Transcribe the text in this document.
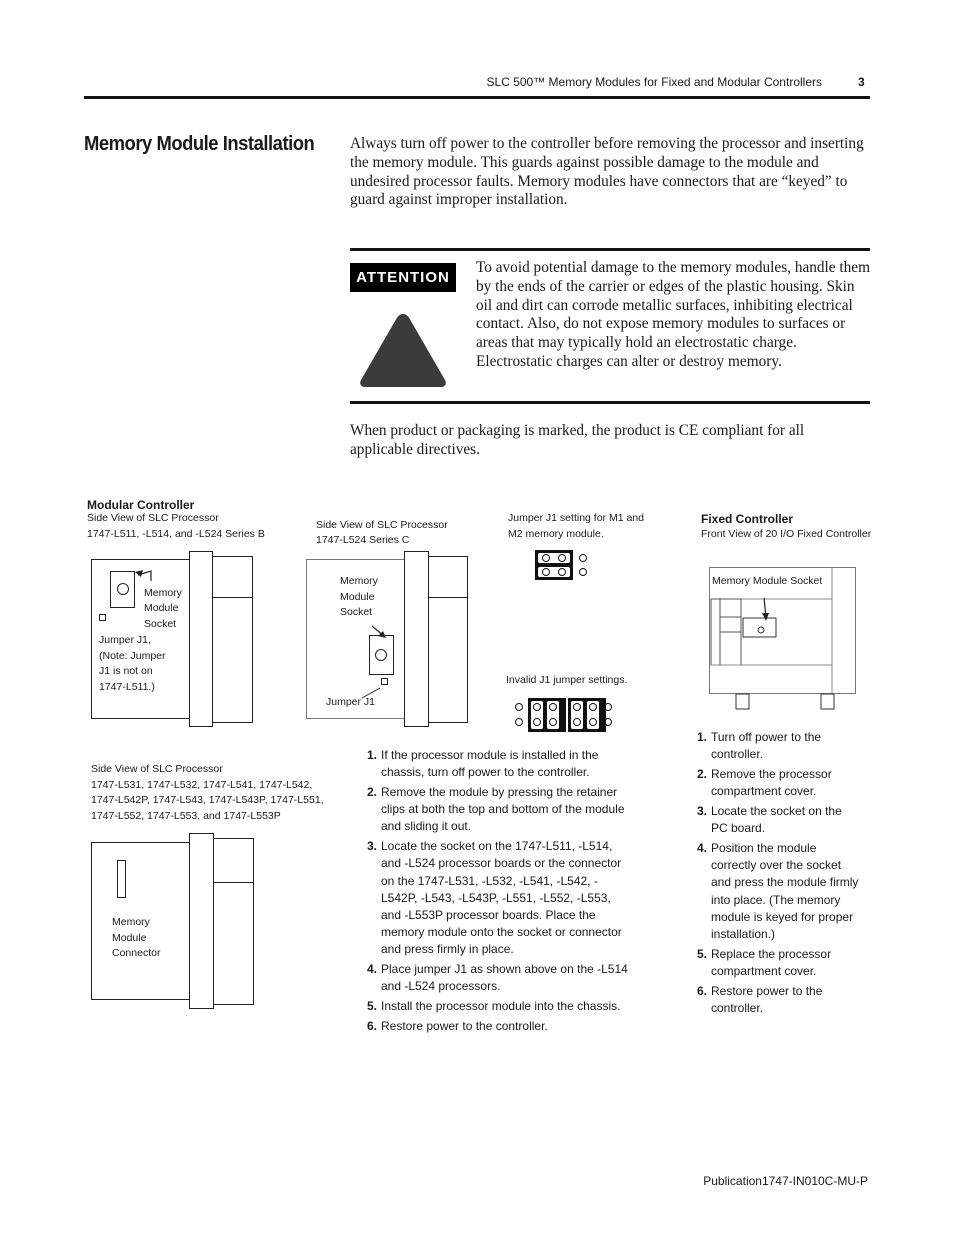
SLC 500™ Memory Modules for Fixed and Modular Controllers	3
Memory Module Installation Always turn off power to the controller before removing the processor and inserting the memory module. This guards against possible damage to the module and undesired processor faults. Memory modules have connectors that are “keyed” to guard against improper installation.
ATTENTION
To avoid potential damage to the memory modules, handle them by the ends of the carrier or edges of the plastic housing. Skin oil and dirt can corrode metallic surfaces, inhibiting electrical contact. Also, do not expose memory modules to surfaces or areas that may typically hold an electrostatic charge. Electrostatic charges can alter or destroy memory.
When product or packaging is marked, the product is CE compliant for all applicable directives.
Modular Controller
Side View of SLC Processor
1747-L511, -L514, and -L524 Series B
Memory
Module
Socket
Jumper J1,
(Note: Jumper
J1 is not on
1747-L511.)
Side View of SLC Processor
1747-L524 Series C
Memory
Module
Socket
Jumper J1
Jumper J1 setting for M1 and
M2 memory module.
Invalid J1 jumper settings.
Fixed Controller
Front View of 20 I/O Fixed Controller
Memory Module Socket
Side View of SLC Processor
1747-L531, 1747-L532, 1747-L541, 1747-L542,
1747-L542P, 1747-L543, 1747-L543P, 1747-L551,
1747-L552, 1747-L553, and 1747-L553P
Memory
Module
Connector
1. If the processor module is installed in the chassis, turn off power to the controller.
2. Remove the module by pressing the retainer clips at both the top and bottom of the module and sliding it out.
3. Locate the socket on the 1747-L511, -L514, and -L524 processor boards or the connector on the 1747-L531, -L532, -L541, -L542, -L542P, -L543, -L543P, -L551, -L552, -L553, and -L553P processor boards. Place the memory module onto the socket or connector and press firmly in place.
4. Place jumper J1 as shown above on the -L514 and -L524 processors.
5. Install the processor module into the chassis.
6. Restore power to the controller.
1. Turn off power to the controller.
2. Remove the processor compartment cover.
3. Locate the socket on the PC board.
4. Position the module correctly over the socket and press the module firmly into place. (The memory module is keyed for proper installation.)
5. Replace the processor compartment cover.
6. Restore power to the controller.
Publication1747-IN010C-MU-P
